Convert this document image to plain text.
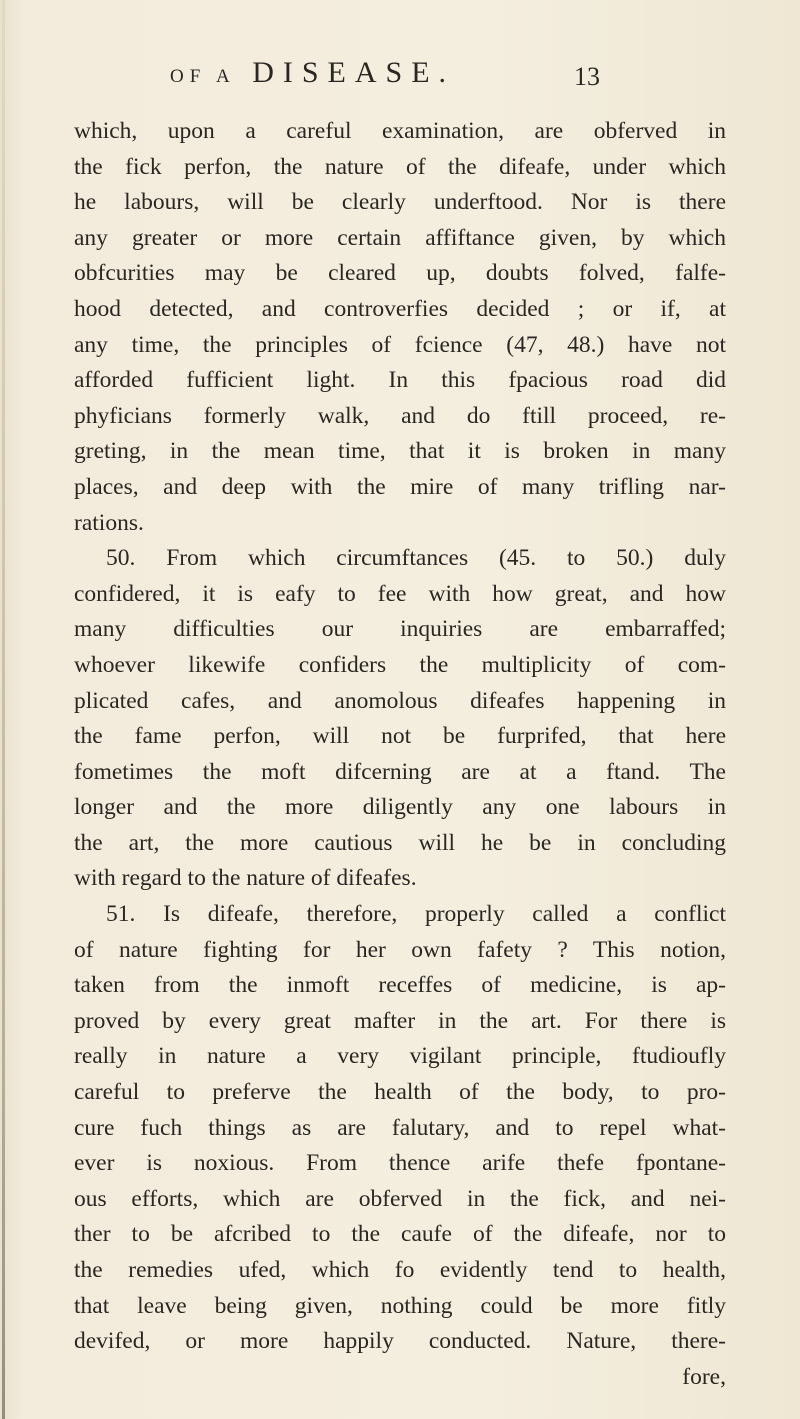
OF A DISEASE.	13
which, upon a careful examination, are obferved in
the fick perfon, the nature of the difeafe, under which
he labours, will be clearly underftood. Nor is there
any greater or more certain affiftance given, by which
obfcurities may be cleared up, doubts folved, falfe-
hood detected, and controverfies decided ; or if, at
any time, the principles of fcience (47, 48.) have not
afforded fufficient light. In this fpacious road did
phyficians formerly walk, and do ftill proceed, re-
greting, in the mean time, that it is broken in many
places, and deep with the mire of many trifling nar-
rations.
50. From which circumftances (45. to 50.) duly
confidered, it is eafy to fee with how great, and how
many difficulties our inquiries are embarraffed;
whoever likewife confiders the multiplicity of com-
plicated cafes, and anomolous difeafes happening in
the fame perfon, will not be furprifed, that here
fometimes the moft difcerning are at a ftand. The
longer and the more diligently any one labours in
the art, the more cautious will he be in concluding
with regard to the nature of difeafes.
51. Is difeafe, therefore, properly called a conflict
of nature fighting for her own fafety ? This notion,
taken from the inmoft receffes of medicine, is ap-
proved by every great mafter in the art. For there is
really in nature a very vigilant principle, ftudioufly
careful to preferve the health of the body, to pro-
cure fuch things as are falutary, and to repel what-
ever is noxious. From thence arife thefe fpontane-
ous efforts, which are obferved in the fick, and nei-
ther to be afcribed to the caufe of the difeafe, nor to
the remedies ufed, which fo evidently tend to health,
that leave being given, nothing could be more fitly
devifed, or more happily conducted. Nature, there-
fore,
